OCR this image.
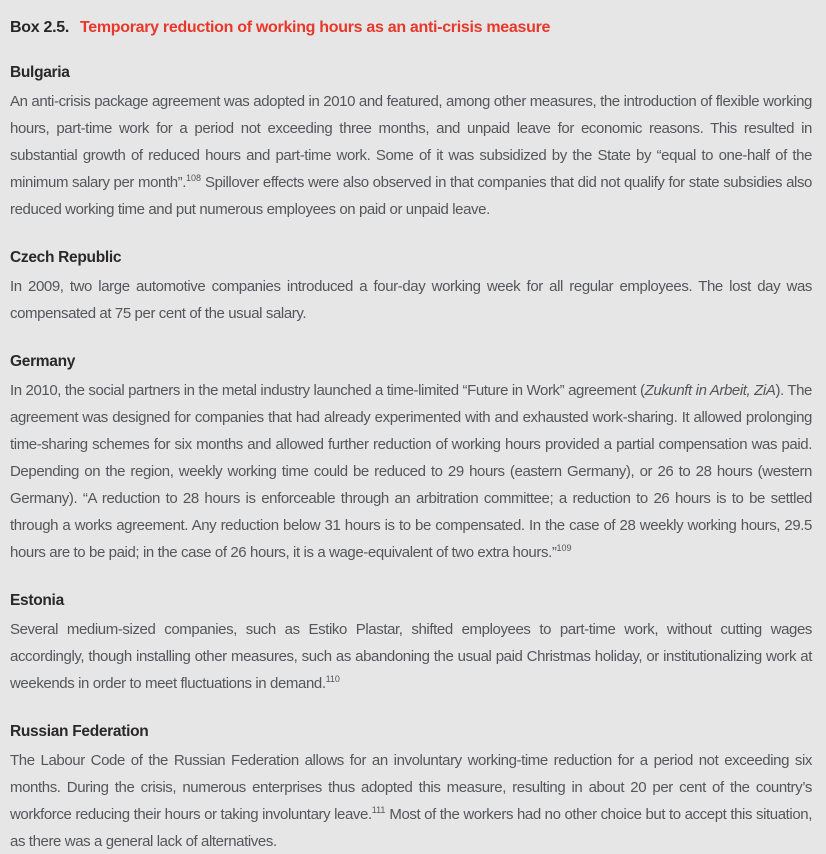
Box 2.5. Temporary reduction of working hours as an anti-crisis measure
Bulgaria

An anti-crisis package agreement was adopted in 2010 and featured, among other measures, the introduction of flexible working hours, part-time work for a period not exceeding three months, and unpaid leave for economic reasons. This resulted in substantial growth of reduced hours and part-time work. Some of it was subsidized by the State by “equal to one-half of the minimum salary per month”.$^{108}$ Spillover effects were also observed in that companies that did not qualify for state subsidies also reduced working time and put numerous employees on paid or unpaid leave.

Czech Republic

In 2009, two large automotive companies introduced a four-day working week for all regular employees. The lost day was compensated at 75 per cent of the usual salary.

Germany

In 2010, the social partners in the metal industry launched a time-limited “Future in Work” agreement (Zukunft in Arbeit, ZiA). The agreement was designed for companies that had already experimented with and exhausted work-sharing. It allowed prolonging time-sharing schemes for six months and allowed further reduction of working hours provided a partial compensation was paid. Depending on the region, weekly working time could be reduced to 29 hours (eastern Germany), or 26 to 28 hours (western Germany). “A reduction to 28 hours is enforceable through an arbitration committee; a reduction to 26 hours is to be settled through a works agreement. Any reduction below 31 hours is to be compensated. In the case of 28 weekly working hours, 29.5 hours are to be paid; in the case of 26 hours, it is a wage-equivalent of two extra hours.”$^{109}$

Estonia

Several medium-sized companies, such as Estiko Plastar, shifted employees to part-time work, without cutting wages accordingly, though installing other measures, such as abandoning the usual paid Christmas holiday, or institutionalizing work at weekends in order to meet fluctuations in demand.$^{110}$

Russian Federation

The Labour Code of the Russian Federation allows for an involuntary working-time reduction for a period not exceeding six months. During the crisis, numerous enterprises thus adopted this measure, resulting in about 20 per cent of the country’s workforce reducing their hours or taking involuntary leave.$^{111}$ Most of the workers had no other choice but to accept this situation, as there was a general lack of alternatives.
